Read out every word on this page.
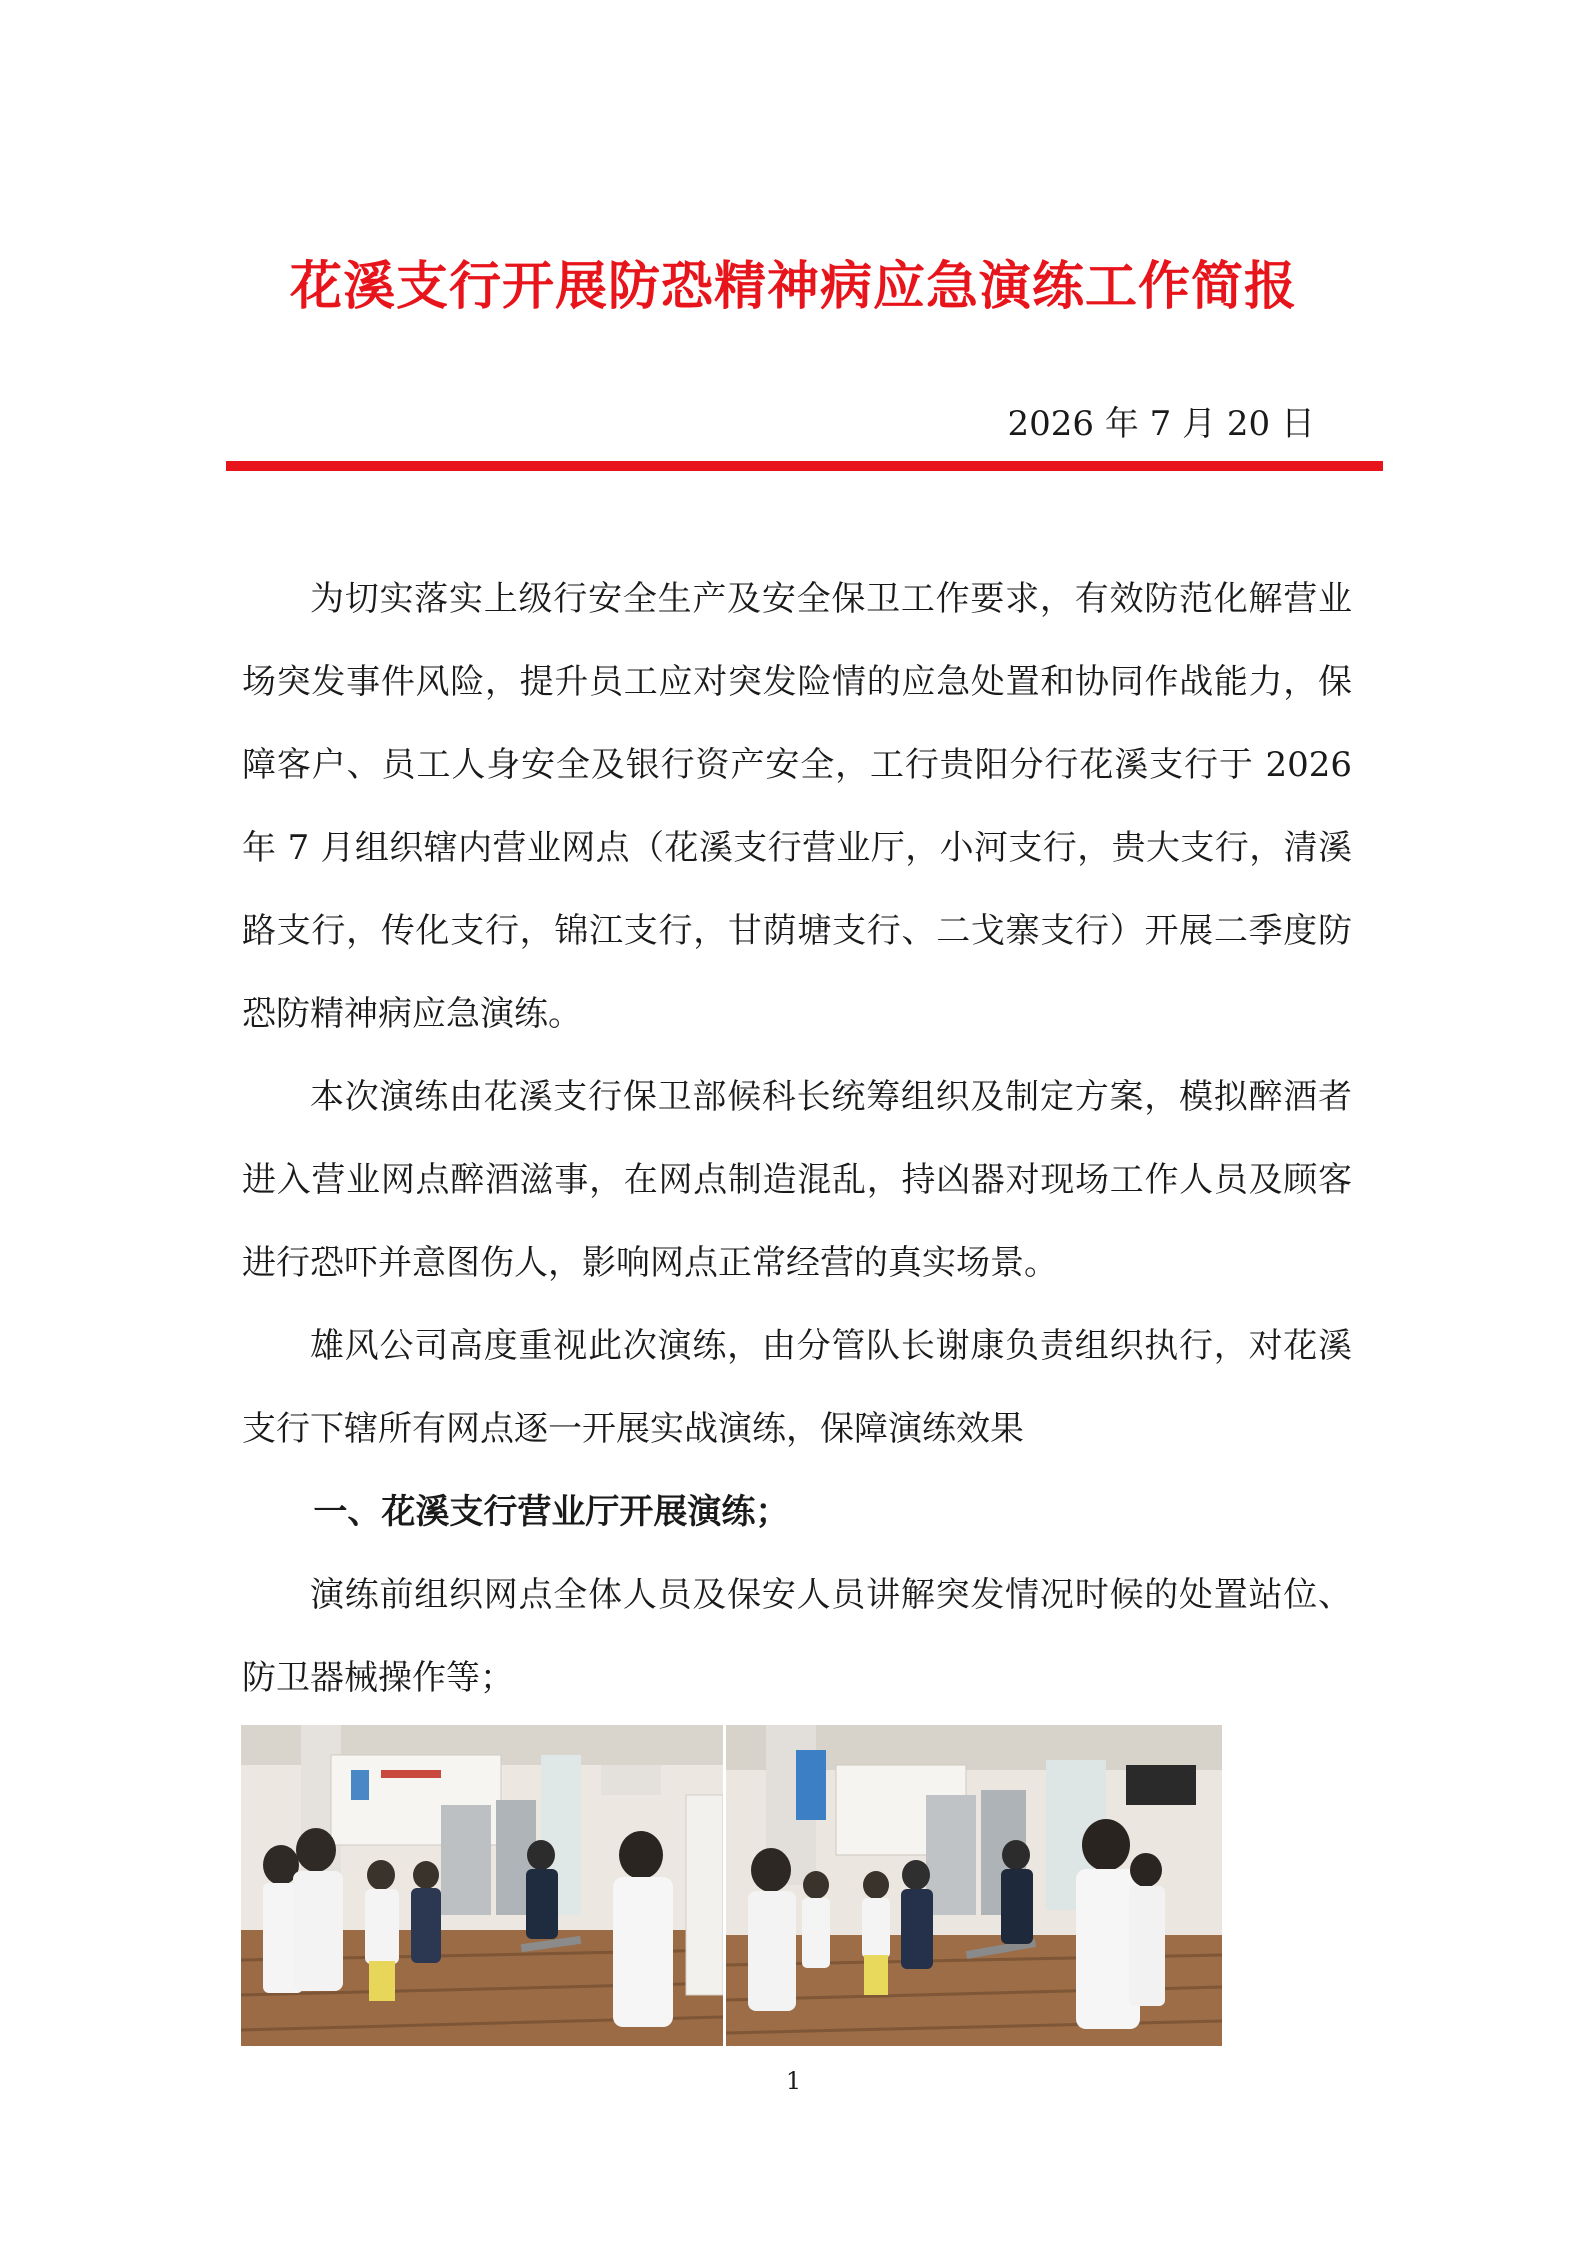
花溪支行开展防恐精神病应急演练工作简报
2026 年 7 月 20 日

为切实落实上级行安全生产及安全保卫工作要求，有效防范化解营业场突发事件风险，提升员工应对突发险情的应急处置和协同作战能力，保障客户、员工人身安全及银行资产安全，工行贵阳分行花溪支行于 2026 年 7 月组织辖内营业网点（花溪支行营业厅，小河支行，贵大支行，清溪路支行，传化支行，锦江支行，甘荫塘支行、二戈寨支行）开展二季度防恐防精神病应急演练。

本次演练由花溪支行保卫部候科长统筹组织及制定方案，模拟醉酒者进入营业网点醉酒滋事，在网点制造混乱，持凶器对现场工作人员及顾客进行恐吓并意图伤人，影响网点正常经营的真实场景。

雄风公司高度重视此次演练，由分管队长谢康负责组织执行，对花溪支行下辖所有网点逐一开展实战演练，保障演练效果

一、花溪支行营业厅开展演练；

演练前组织网点全体人员及保安人员讲解突发情况时候的处置站位、防卫器械操作等；

1
